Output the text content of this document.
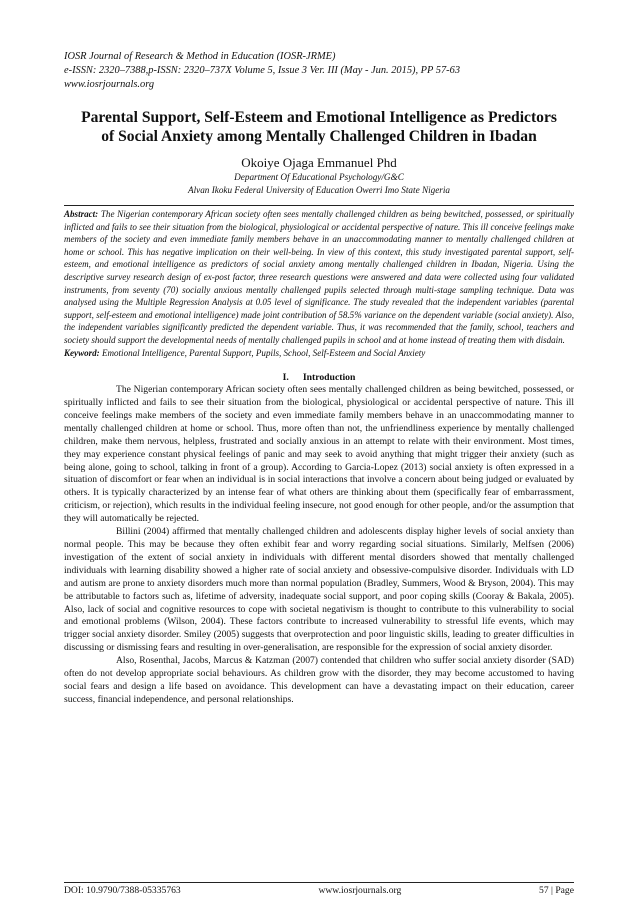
IOSR Journal of Research & Method in Education (IOSR-JRME)
e-ISSN: 2320–7388,p-ISSN: 2320–737X Volume 5, Issue 3 Ver. III (May - Jun. 2015), PP 57-63
www.iosrjournals.org
Parental Support, Self-Esteem and Emotional Intelligence as Predictors of Social Anxiety among Mentally Challenged Children in Ibadan
Okoiye Ojaga Emmanuel Phd
Department Of Educational Psychology/G&C
Alvan Ikoku Federal University of Education Owerri Imo State Nigeria
Abstract: The Nigerian contemporary African society often sees mentally challenged children as being bewitched, possessed, or spiritually inflicted and fails to see their situation from the biological, physiological or accidental perspective of nature. This ill conceive feelings make members of the society and even immediate family members behave in an unaccommodating manner to mentally challenged children at home or school. This has negative implication on their well-being. In view of this context, this study investigated parental support, self-esteem, and emotional intelligence as predictors of social anxiety among mentally challenged children in Ibadan, Nigeria. Using the descriptive survey research design of ex-post factor, three research questions were answered and data were collected using four validated instruments, from seventy (70) socially anxious mentally challenged pupils selected through multi-stage sampling technique. Data was analysed using the Multiple Regression Analysis at 0.05 level of significance. The study revealed that the independent variables (parental support, self-esteem and emotional intelligence) made joint contribution of 58.5% variance on the dependent variable (social anxiety). Also, the independent variables significantly predicted the dependent variable. Thus, it was recommended that the family, school, teachers and society should support the developmental needs of mentally challenged pupils in school and at home instead of treating them with disdain.
Keyword: Emotional Intelligence, Parental Support, Pupils, School, Self-Esteem and Social Anxiety
I. Introduction

The Nigerian contemporary African society often sees mentally challenged children as being bewitched, possessed, or spiritually inflicted and fails to see their situation from the biological, physiological or accidental perspective of nature. This ill conceive feelings make members of the society and even immediate family members behave in an unaccommodating manner to mentally challenged children at home or school. Thus, more often than not, the unfriendliness experience by mentally challenged children, make them nervous, helpless, frustrated and socially anxious in an attempt to relate with their environment. Most times, they may experience constant physical feelings of panic and may seek to avoid anything that might trigger their anxiety (such as being alone, going to school, talking in front of a group). According to Garcia-Lopez (2013) social anxiety is often expressed in a situation of discomfort or fear when an individual is in social interactions that involve a concern about being judged or evaluated by others. It is typically characterized by an intense fear of what others are thinking about them (specifically fear of embarrassment, criticism, or rejection), which results in the individual feeling insecure, not good enough for other people, and/or the assumption that they will automatically be rejected.

Billini (2004) affirmed that mentally challenged children and adolescents display higher levels of social anxiety than normal people. This may be because they often exhibit fear and worry regarding social situations. Similarly, Melfsen (2006) investigation of the extent of social anxiety in individuals with different mental disorders showed that mentally challenged individuals with learning disability showed a higher rate of social anxiety and obsessive-compulsive disorder. Individuals with LD and autism are prone to anxiety disorders much more than normal population (Bradley, Summers, Wood & Bryson, 2004). This may be attributable to factors such as, lifetime of adversity, inadequate social support, and poor coping skills (Cooray & Bakala, 2005). Also, lack of social and cognitive resources to cope with societal negativism is thought to contribute to this vulnerability to social and emotional problems (Wilson, 2004). These factors contribute to increased vulnerability to stressful life events, which may trigger social anxiety disorder. Smiley (2005) suggests that overprotection and poor linguistic skills, leading to greater difficulties in discussing or dismissing fears and resulting in over-generalisation, are responsible for the expression of social anxiety disorder.

Also, Rosenthal, Jacobs, Marcus & Katzman (2007) contended that children who suffer social anxiety disorder (SAD) often do not develop appropriate social behaviours. As children grow with the disorder, they may become accustomed to having social fears and design a life based on avoidance. This development can have a devastating impact on their education, career success, financial independence, and personal relationships.

DOI: 10.9790/7388-05335763	www.iosrjournals.org	57 | Page
